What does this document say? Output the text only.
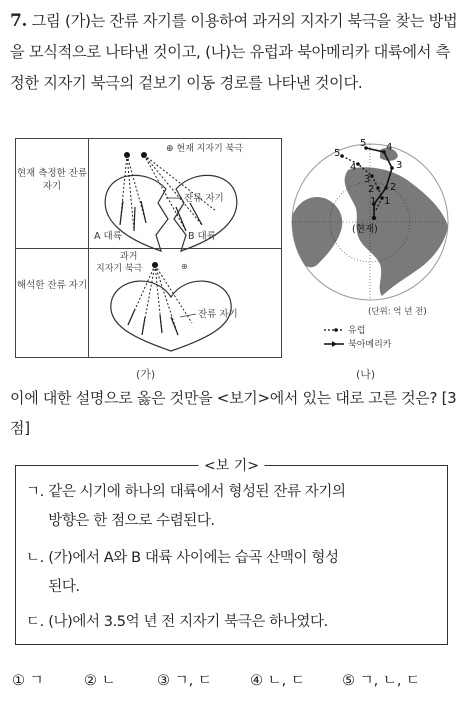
7. 그림 (가)는 잔류 자기를 이용하여 과거의 지자기 북극을 찾는 방법을 모식적으로 나타낸 것이고, (나)는 유럽과 북아메리카 대륙에서 측정한 지자기 북극의 겉보기 이동 경로를 나타낸 것이다.
현재 측정한 잔류 자기
해석한 잔류 자기
⊕ 현재 지자기 북극
잔류 자기
A 대륙	B 대륙
과거
지자기 북극	⊕
잔류 자기
(가)
5
4
3
2
1
5 4
3
2
1
(현재)
(단위: 억 년 전)
유럽
북아메리카
(나)
이에 대한 설명으로 옳은 것만을 <보기>에서 있는 대로 고른 것은? [3점]
<보 기>
ㄱ. 같은 시기에 하나의 대륙에서 형성된 잔류 자기의
방향은 한 점으로 수렴된다.
ㄴ. (가)에서 A와 B 대륙 사이에는 습곡 산맥이 형성
된다.
ㄷ. (나)에서 3.5억 년 전 지자기 북극은 하나였다.
① ㄱ	② ㄴ	③ ㄱ, ㄷ	④ ㄴ, ㄷ	⑤ ㄱ, ㄴ, ㄷ
